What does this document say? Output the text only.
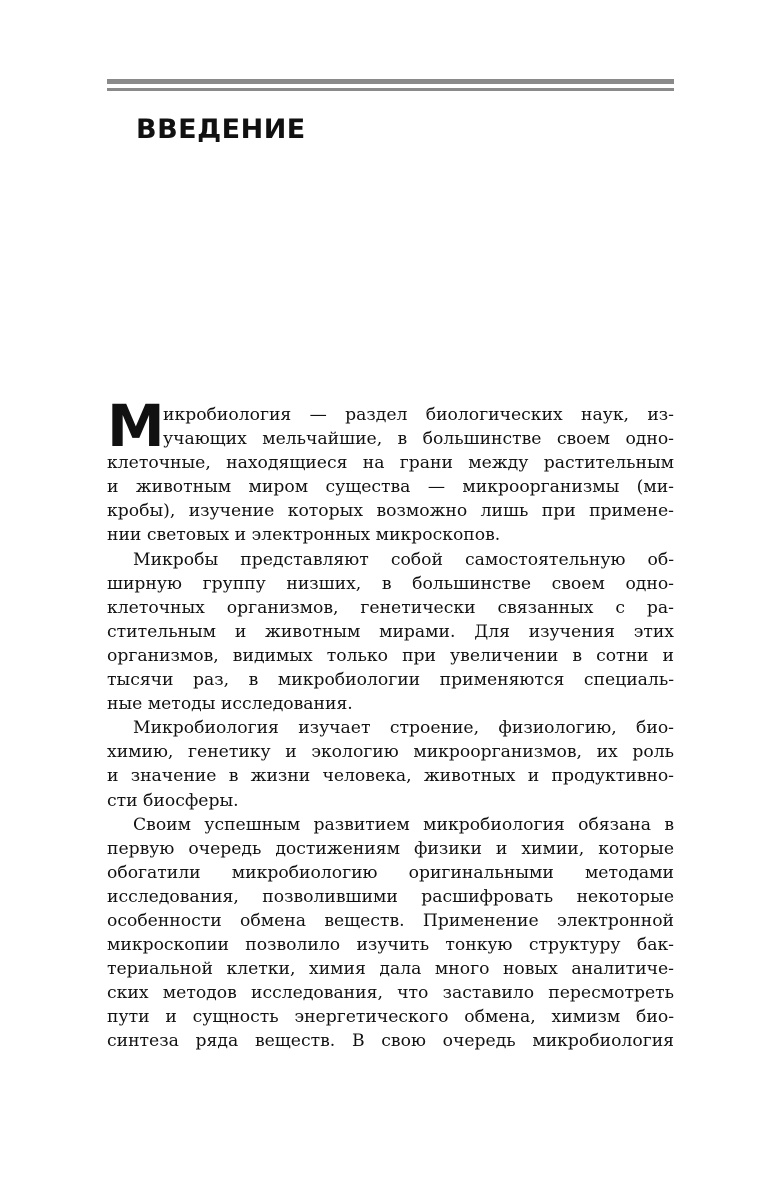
ВВЕДЕНИЕ
М
икробиология — раздел биологических наук, из-
учающих мельчайшие, в большинстве своем одно-
клеточные, находящиеся на грани между растительным
и животным миром существа — микроорганизмы (ми-
кробы), изучение которых возможно лишь при примене-
нии световых и электронных микроскопов.
Микробы представляют собой самостоятельную об-
ширную группу низших, в большинстве своем одно-
клеточных организмов, генетически связанных с ра-
стительным и животным мирами. Для изучения этих
организмов, видимых только при увеличении в сотни и
тысячи раз, в микробиологии применяются специаль-
ные методы исследования.
Микробиология изучает строение, физиологию, био-
химию, генетику и экологию микроорганизмов, их роль
и значение в жизни человека, животных и продуктивно-
сти биосферы.
Своим успешным развитием микробиология обязана в
первую очередь достижениям физики и химии, которые
обогатили микробиологию оригинальными методами
исследования, позволившими расшифровать некоторые
особенности обмена веществ. Применение электронной
микроскопии позволило изучить тонкую структуру бак-
териальной клетки, химия дала много новых аналитиче-
ских методов исследования, что заставило пересмотреть
пути и сущность энергетического обмена, химизм био-
синтеза ряда веществ. В свою очередь микробиология
